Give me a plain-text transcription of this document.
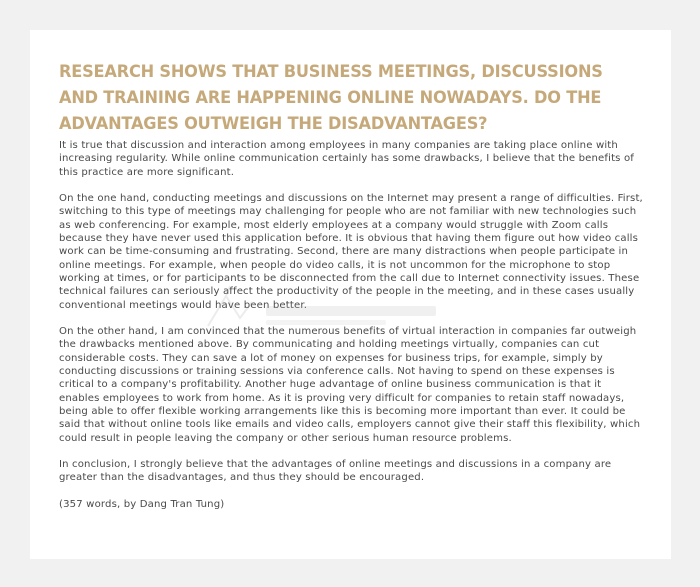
RESEARCH SHOWS THAT BUSINESS MEETINGS, DISCUSSIONS AND TRAINING ARE HAPPENING ONLINE NOWADAYS. DO THE ADVANTAGES OUTWEIGH THE DISADVANTAGES?

It is true that discussion and interaction among employees in many companies are taking place online with increasing regularity. While online communication certainly has some drawbacks, I believe that the benefits of this practice are more significant.

On the one hand, conducting meetings and discussions on the Internet may present a range of difficulties. First, switching to this type of meetings may challenging for people who are not familiar with new technologies such as web conferencing. For example, most elderly employees at a company would struggle with Zoom calls because they have never used this application before. It is obvious that having them figure out how video calls work can be time-consuming and frustrating. Second, there are many distractions when people participate in online meetings. For example, when people do video calls, it is not uncommon for the microphone to stop working at times, or for participants to be disconnected from the call due to Internet connectivity issues. These technical failures can seriously affect the productivity of the people in the meeting, and in these cases usually conventional meetings would have been better.

On the other hand, I am convinced that the numerous benefits of virtual interaction in companies far outweigh the drawbacks mentioned above. By communicating and holding meetings virtually, companies can cut considerable costs. They can save a lot of money on expenses for business trips, for example, simply by conducting discussions or training sessions via conference calls. Not having to spend on these expenses is critical to a company's profitability. Another huge advantage of online business communication is that it enables employees to work from home. As it is proving very difficult for companies to retain staff nowadays, being able to offer flexible working arrangements like this is becoming more important than ever. It could be said that without online tools like emails and video calls, employers cannot give their staff this flexibility, which could result in people leaving the company or other serious human resource problems.

In conclusion, I strongly believe that the advantages of online meetings and discussions in a company are greater than the disadvantages, and thus they should be encouraged.

(357 words, by Dang Tran Tung)
